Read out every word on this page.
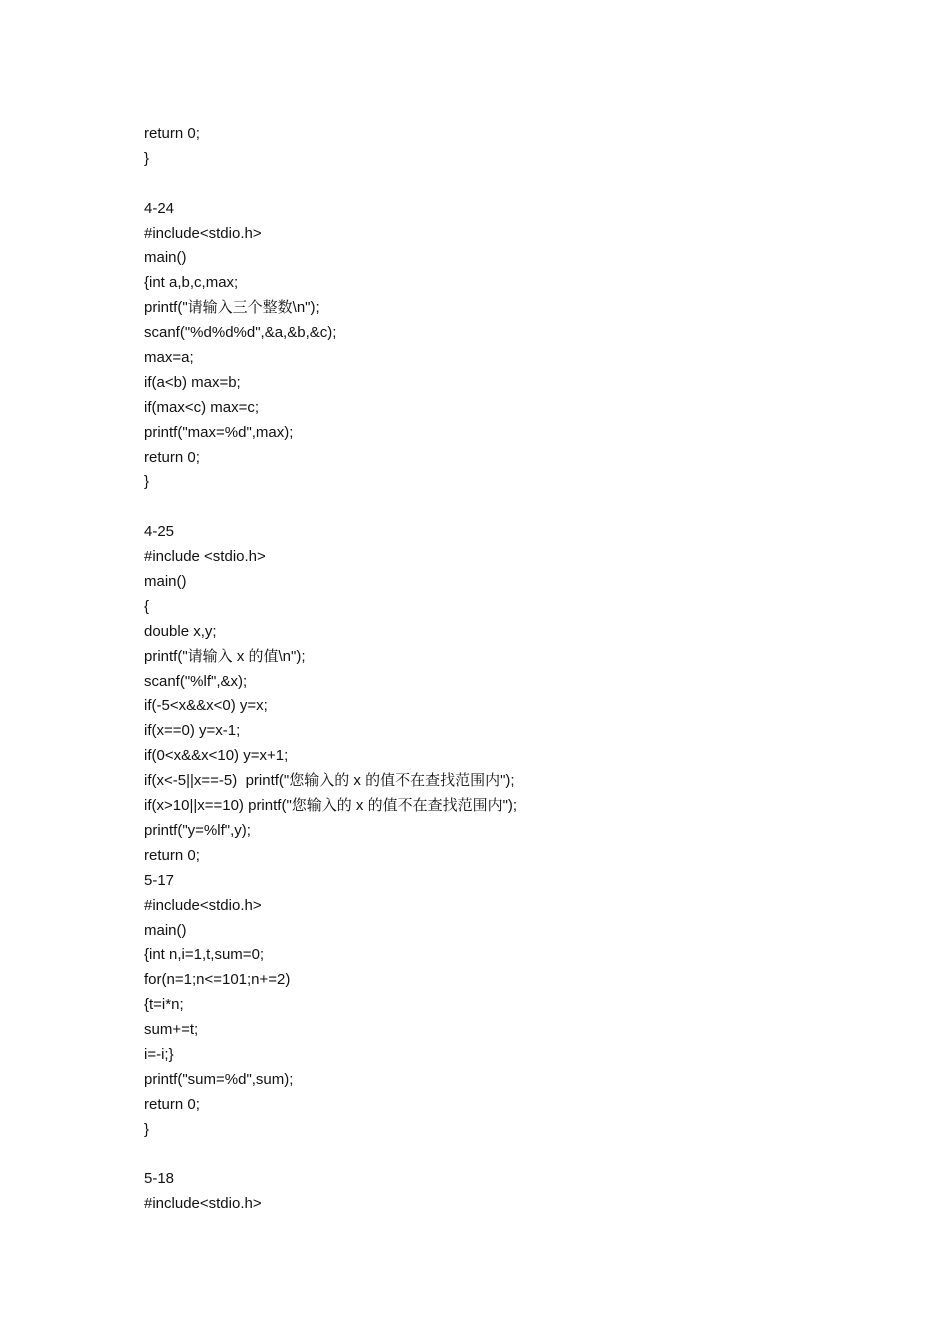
return 0;
}
4-24
#include<stdio.h>
main()
{int a,b,c,max;
printf("请输入三个整数\n");
scanf("%d%d%d",&a,&b,&c);
max=a;
if(a<b) max=b;
if(max<c) max=c;
printf("max=%d",max);
return 0;
}
4-25
#include <stdio.h>
main()
{
double x,y;
printf("请输入 x 的值\n");
scanf("%lf",&x);
if(-5<x&&x<0) y=x;
if(x==0) y=x-1;
if(0<x&&x<10) y=x+1;
if(x<-5||x==-5)  printf("您输入的 x 的值不在查找范围内");
if(x>10||x==10) printf("您输入的 x 的值不在查找范围内");
printf("y=%lf",y);
return 0;
5-17
#include<stdio.h>
main()
{int n,i=1,t,sum=0;
for(n=1;n<=101;n+=2)
{t=i*n;
sum+=t;
i=-i;}
printf("sum=%d",sum);
return 0;
}
5-18
#include<stdio.h>
